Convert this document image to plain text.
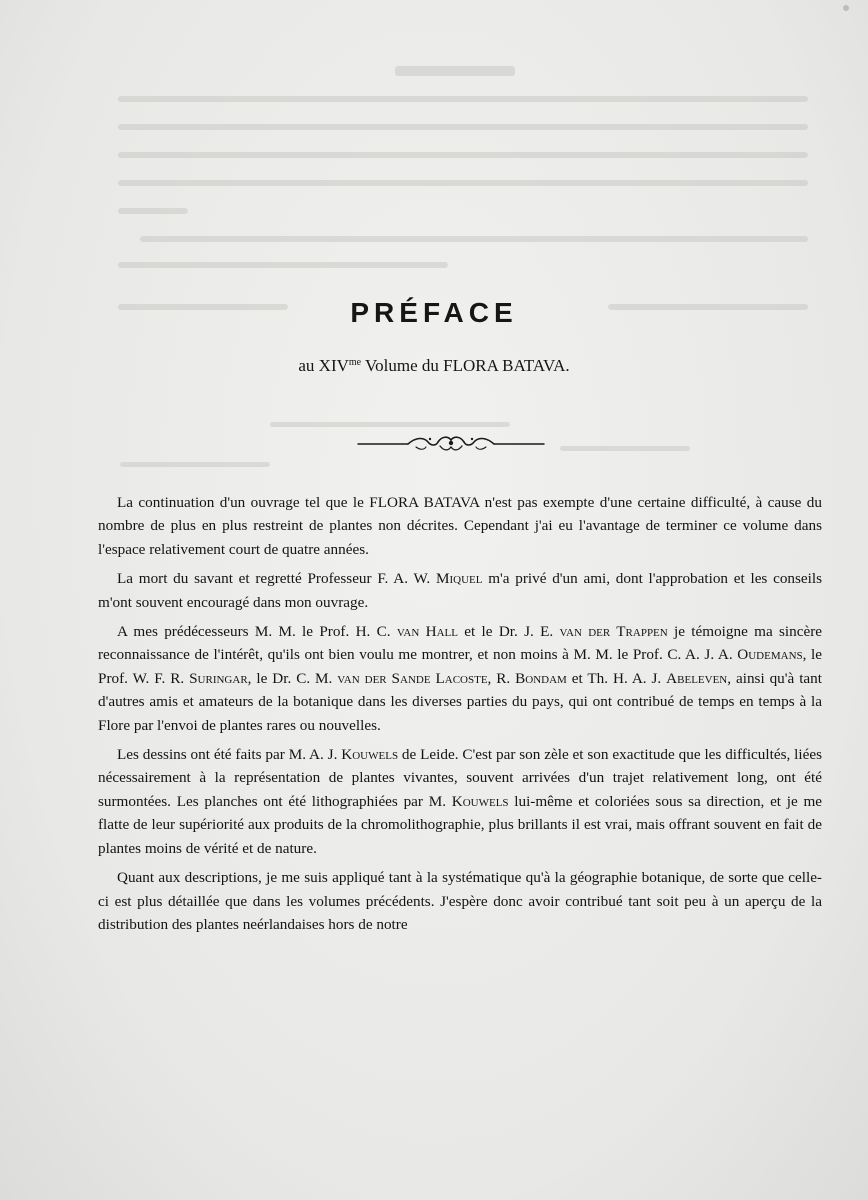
PRÉFACE
au $XIV^{me}$ Volume du FLORA BATAVA.

La continuation d'un ouvrage tel que le FLORA BATAVA n'est pas exempte d'une certaine difficulté, à cause du nombre de plus en plus restreint de plantes non décrites. Cependant j'ai eu l'avantage de terminer ce volume dans l'espace relativement court de quatre années.

La mort du savant et regretté Professeur F. A. W. Miquel m'a privé d'un ami, dont l'approbation et les conseils m'ont souvent encouragé dans mon ouvrage.

A mes prédécesseurs M. M. le Prof. H. C. van Hall et le Dr. J. E. van der Trappen je témoigne ma sincère reconnaissance de l'intérêt, qu'ils ont bien voulu me montrer, et non moins à M. M. le Prof. C. A. J. A. Oudemans, le Prof. W. F. R. Suringar, le Dr. C. M. van der Sande Lacoste, R. Bondam et Th. H. A. J. Abeleven, ainsi qu'à tant d'autres amis et amateurs de la botanique dans les diverses parties du pays, qui ont contribué de temps en temps à la Flore par l'envoi de plantes rares ou nouvelles.

Les dessins ont été faits par M. A. J. Kouwels de Leide. C'est par son zèle et son exactitude que les difficultés, liées nécessairement à la représentation de plantes vivantes, souvent arrivées d'un trajet relativement long, ont été surmontées. Les planches ont été lithographiées par M. Kouwels lui-même et coloriées sous sa direction, et je me flatte de leur supériorité aux produits de la chromolithographie, plus brillants il est vrai, mais offrant souvent en fait de plantes moins de vérité et de nature.

Quant aux descriptions, je me suis appliqué tant à la systématique qu'à la géographie botanique, de sorte que celle-ci est plus détaillée que dans les volumes précédents. J'espère donc avoir contribué tant soit peu à un aperçu de la distribution des plantes neérlandaises hors de notre
